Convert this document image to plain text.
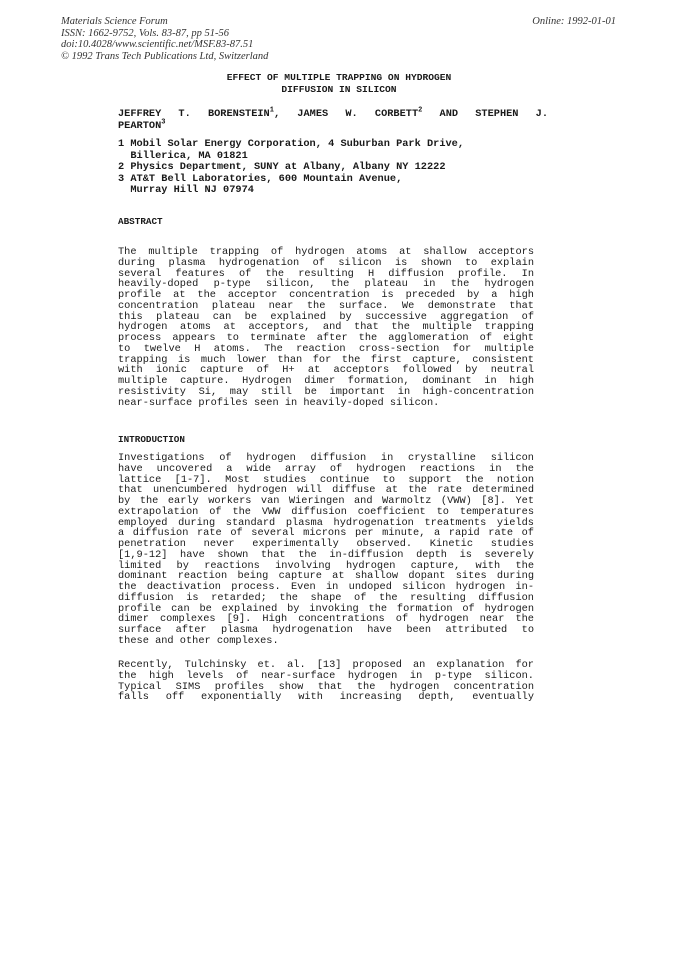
Materials Science Forum
ISSN: 1662-9752, Vols. 83-87, pp 51-56
doi:10.4028/www.scientific.net/MSF.83-87.51
© 1992 Trans Tech Publications Ltd, Switzerland
Online: 1992-01-01
EFFECT OF MULTIPLE TRAPPING ON HYDROGEN
DIFFUSION IN SILICON
JEFFREY T. BORENSTEIN$^1$, JAMES W. CORBETT$^2$ AND STEPHEN J.
PEARTON$^3$
1 Mobil Solar Energy Corporation, 4 Suburban Park Drive,
Billerica, MA 01821
2 Physics Department, SUNY at Albany, Albany NY 12222
3 AT&T Bell Laboratories, 600 Mountain Avenue,
Murray Hill NJ 07974
ABSTRACT
The multiple trapping of hydrogen atoms at shallow acceptors
during plasma hydrogenation of silicon is shown to explain
several features of the resulting H diffusion profile. In
heavily-doped p-type silicon, the plateau in the hydrogen
profile at the acceptor concentration is preceded by a high
concentration plateau near the surface. We demonstrate that
this plateau can be explained by successive aggregation of
hydrogen atoms at acceptors, and that the multiple trapping
process appears to terminate after the agglomeration of eight
to twelve H atoms. The reaction cross-section for multiple
trapping is much lower than for the first capture, consistent
with ionic capture of H+ at acceptors followed by neutral
multiple capture. Hydrogen dimer formation, dominant in high
resistivity Si, may still be important in high-concentration
near-surface profiles seen in heavily-doped silicon.
INTRODUCTION
Investigations of hydrogen diffusion in crystalline silicon
have uncovered a wide array of hydrogen reactions in the
lattice [1-7]. Most studies continue to support the notion
that unencumbered hydrogen will diffuse at the rate determined
by the early workers van Wieringen and Warmoltz (VWW) [8]. Yet
extrapolation of the VWW diffusion coefficient to temperatures
employed during standard plasma hydrogenation treatments yields
a diffusion rate of several microns per minute, a rapid rate of
penetration never experimentally observed. Kinetic studies
[1,9-12] have shown that the in-diffusion depth is severely
limited by reactions involving hydrogen capture, with the
dominant reaction being capture at shallow dopant sites during
the deactivation process. Even in undoped silicon hydrogen in-
diffusion is retarded; the shape of the resulting diffusion
profile can be explained by invoking the formation of hydrogen
dimer complexes [9]. High concentrations of hydrogen near the
surface after plasma hydrogenation have been attributed to
these and other complexes.
Recently, Tulchinsky et. al. [13] proposed an explanation for
the high levels of near-surface hydrogen in p-type silicon.
Typical SIMS profiles show that the hydrogen concentration
falls off exponentially with increasing depth, eventually
